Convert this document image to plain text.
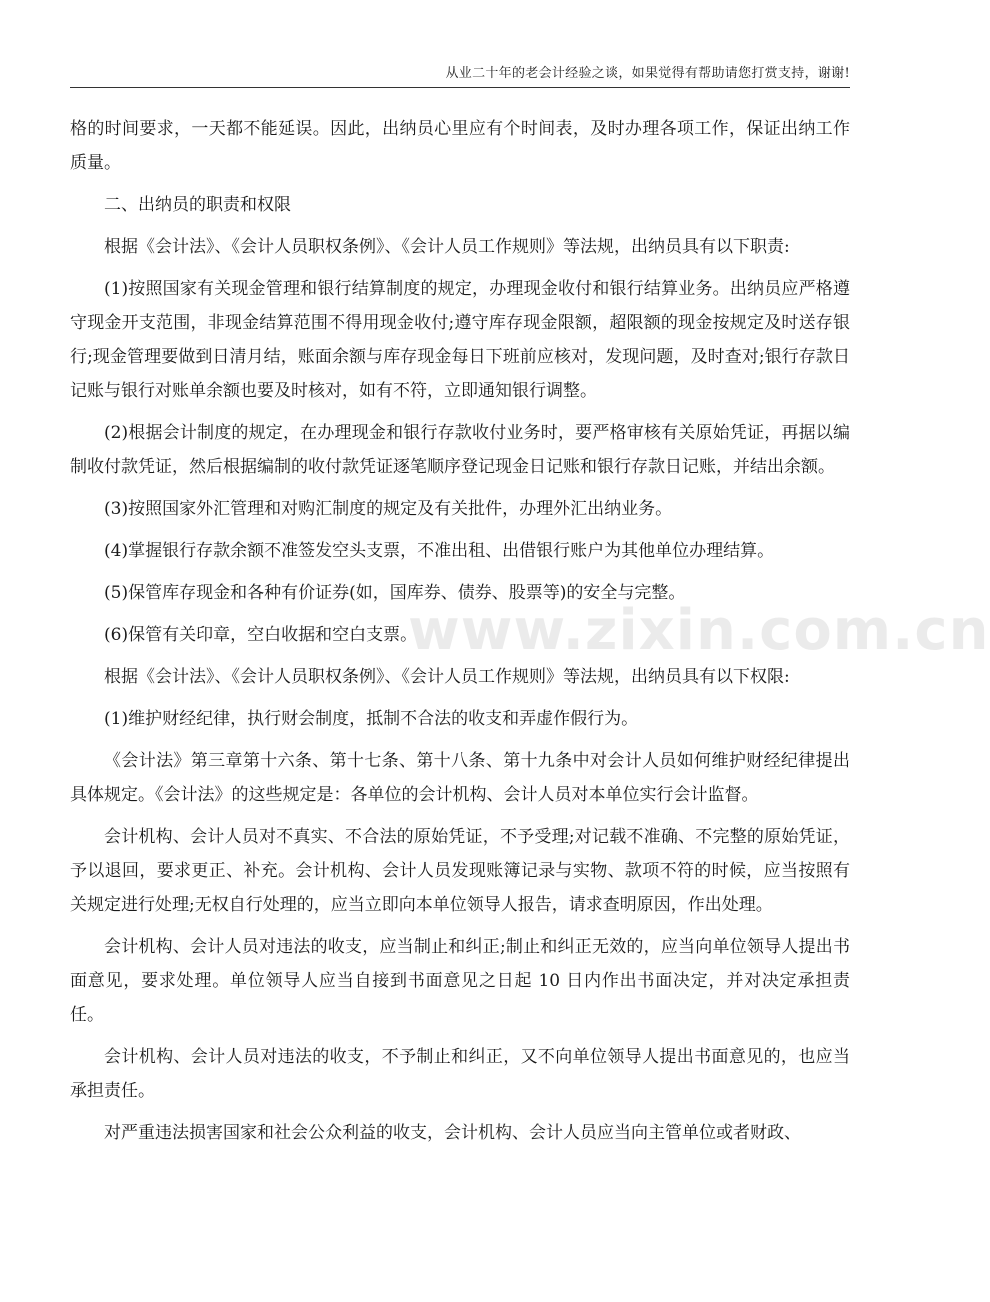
从业二十年的老会计经验之谈，如果觉得有帮助请您打赏支持，谢谢!
www.zixin.com.cn

格的时间要求，一天都不能延误。因此，出纳员心里应有个时间表，及时办理各项工作，保证出纳工作质量。

二、出纳员的职责和权限

根据《会计法》、《会计人员职权条例》、《会计人员工作规则》等法规，出纳员具有以下职责:

(1)按照国家有关现金管理和银行结算制度的规定，办理现金收付和银行结算业务。出纳员应严格遵守现金开支范围，非现金结算范围不得用现金收付;遵守库存现金限额，超限额的现金按规定及时送存银行;现金管理要做到日清月结，账面余额与库存现金每日下班前应核对，发现问题，及时查对;银行存款日记账与银行对账单余额也要及时核对，如有不符，立即通知银行调整。

(2)根据会计制度的规定，在办理现金和银行存款收付业务时，要严格审核有关原始凭证，再据以编制收付款凭证，然后根据编制的收付款凭证逐笔顺序登记现金日记账和银行存款日记账，并结出余额。

(3)按照国家外汇管理和对购汇制度的规定及有关批件，办理外汇出纳业务。

(4)掌握银行存款余额不准签发空头支票，不准出租、出借银行账户为其他单位办理结算。

(5)保管库存现金和各种有价证券(如，国库券、债券、股票等)的安全与完整。

(6)保管有关印章，空白收据和空白支票。

根据《会计法》、《会计人员职权条例》、《会计人员工作规则》等法规，出纳员具有以下权限:

(1)维护财经纪律，执行财会制度，抵制不合法的收支和弄虚作假行为。

《会计法》第三章第十六条、第十七条、第十八条、第十九条中对会计人员如何维护财经纪律提出具体规定。《会计法》的这些规定是：各单位的会计机构、会计人员对本单位实行会计监督。

会计机构、会计人员对不真实、不合法的原始凭证，不予受理;对记载不准确、不完整的原始凭证，予以退回，要求更正、补充。会计机构、会计人员发现账簿记录与实物、款项不符的时候，应当按照有关规定进行处理;无权自行处理的，应当立即向本单位领导人报告，请求查明原因，作出处理。

会计机构、会计人员对违法的收支，应当制止和纠正;制止和纠正无效的，应当向单位领导人提出书面意见，要求处理。单位领导人应当自接到书面意见之日起 10 日内作出书面决定，并对决定承担责任。

会计机构、会计人员对违法的收支，不予制止和纠正，又不向单位领导人提出书面意见的，也应当承担责任。

对严重违法损害国家和社会公众利益的收支，会计机构、会计人员应当向主管单位或者财政、
